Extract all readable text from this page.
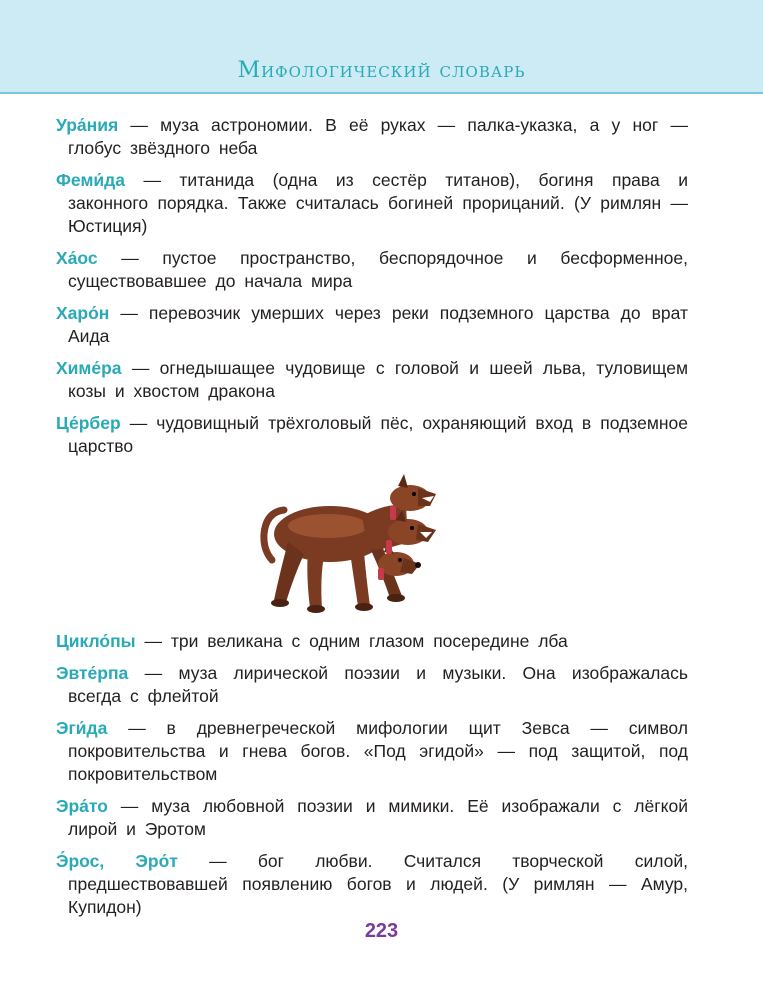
Мифологический словарь

Ура́ния — муза астрономии. В её руках — палка-указка, а у ног — глобус звёздного неба

Феми́да — титанида (одна из сестёр титанов), богиня права и законного порядка. Также считалась богиней прорицаний. (У римлян — Юстиция)

Ха́ос — пустое пространство, беспорядочное и бесформенное, существовавшее до начала мира

Харо́н — перевозчик умерших через реки подземного царства до врат Аида

Химе́ра — огнедышащее чудовище с головой и шеей льва, туловищем козы и хвостом дракона

Це́рбер — чудовищный трёхголовый пёс, охраняющий вход в подземное царство

Цикло́пы — три великана с одним глазом посередине лба

Эвте́рпа — муза лирической поэзии и музыки. Она изображалась всегда с флейтой

Эги́да — в древнегреческой мифологии щит Зевса — символ покровительства и гнева богов. «Под эгидой» — под защитой, под покровительством

Эра́то — муза любовной поэзии и мимики. Её изображали с лёгкой лирой и Эротом

Э́рос, Эро́т — бог любви. Считался творческой силой, предшествовавшей появлению богов и людей. (У римлян — Амур, Купидон)

223
